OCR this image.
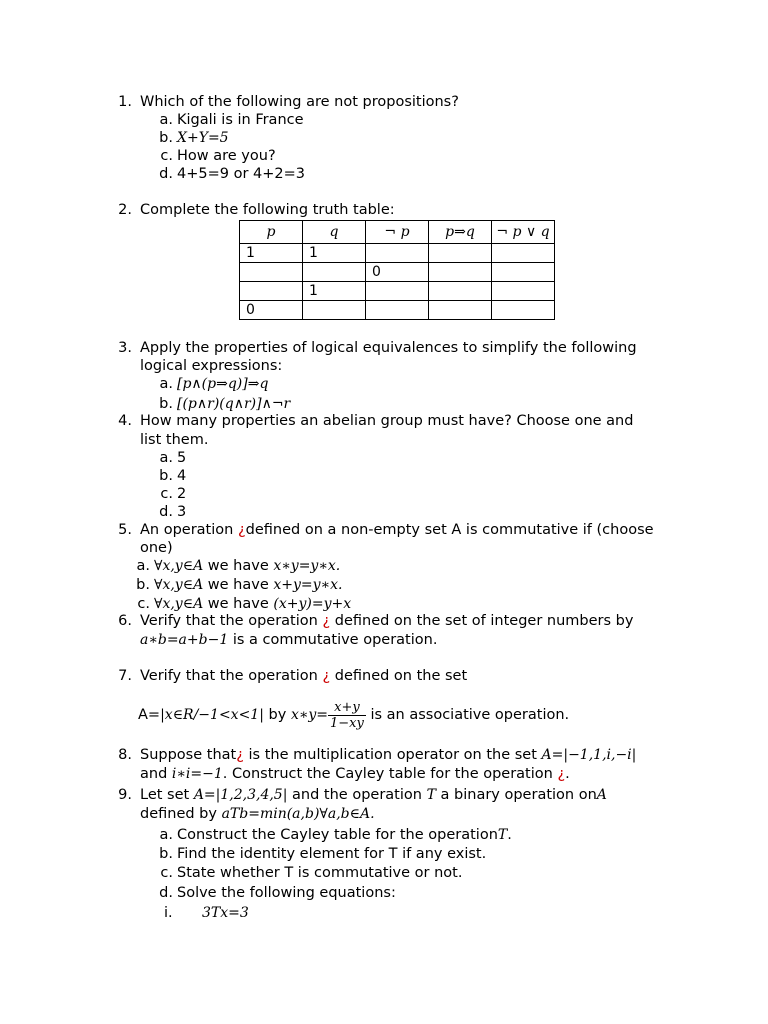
1. Which of the following are not propositions?
a. Kigali is in France
b. X+Y=5
c. How are you?
d. 4+5=9 or 4+2=3
2. Complete the following truth table:
p	q	¬ p	p⇒q	¬ p ∨ q
1	1			
		0		
	1			
0				
3. Apply the properties of logical equivalences to simplify the following
logical expressions:
a. [p∧(p⇒q)]⇒q
b. [(p∧r)(q∧r)]∧¬r
4. How many properties an abelian group must have? Choose one and
list them.
a. 5
b. 4
c. 2
d. 3
5. An operation ¿defined on a non-empty set A is commutative if (choose
one)
a. ∀x,y∈A we have x∗y=y∗x.
b. ∀x,y∈A we have x+y=y∗x.
c. ∀x,y∈A we have (x+y)=y+x
6. Verify that the operation ¿ defined on the set of integer numbers by
a∗b=a+b−1 is a commutative operation.
7. Verify that the operation ¿ defined on the set
A=|x∈R/−1<x<1| by x∗y= $\frac{x+y}{1-xy}$ is an associative operation.
8. Suppose that¿ is the multiplication operator on the set A=|−1,1,i,−i|
and i∗i=−1. Construct the Cayley table for the operation ¿.
9. Let set A=|1,2,3,4,5| and the operation T a binary operation onA
defined by aTb=min(a,b)∀a,b∈A.
a. Construct the Cayley table for the operationT.
b. Find the identity element for T if any exist.
c. State whether T is commutative or not.
d. Solve the following equations:
i. 3Tx=3
